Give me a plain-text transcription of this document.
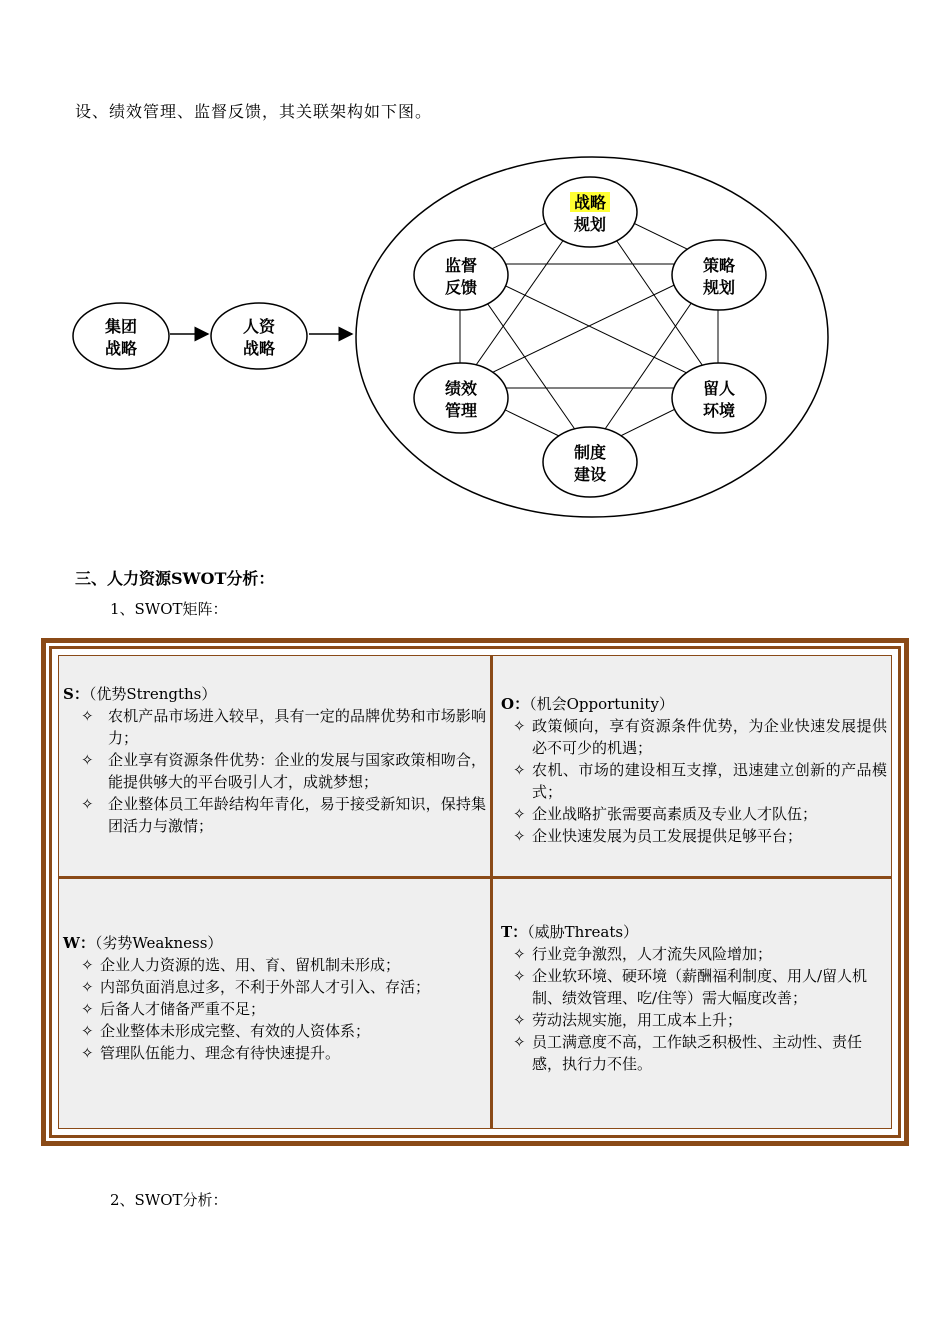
设、绩效管理、监督反馈，其关联架构如下图。
战略
规划
策略
规划
留人
环境
制度
建设
绩效
管理
监督
反馈
集团
战略
人资
战略
三、人力资源SWOT分析：
1、SWOT矩阵：
S：（优势Strengths）
✧ 农机产品市场进入较早，具有一定的品牌优势和市场影响力；
✧ 企业享有资源条件优势：企业的发展与国家政策相吻合，能提供够大的平台吸引人才，成就梦想；
✧ 企业整体员工年龄结构年青化，易于接受新知识，保持集团活力与激情；
O：（机会Opportunity）
✧ 政策倾向，享有资源条件优势，为企业快速发展提供必不可少的机遇；
✧ 农机、市场的建设相互支撑，迅速建立创新的产品模式；
✧ 企业战略扩张需要高素质及专业人才队伍；
✧ 企业快速发展为员工发展提供足够平台；
W：（劣势Weakness）
✧ 企业人力资源的选、用、育、留机制未形成；
✧ 内部负面消息过多，不利于外部人才引入、存活；
✧ 后备人才储备严重不足；
✧ 企业整体未形成完整、有效的人资体系；
✧ 管理队伍能力、理念有待快速提升。
T：（威胁Threats）
✧ 行业竞争激烈，人才流失风险增加；
✧ 企业软环境、硬环境（薪酬福利制度、用人/留人机制、绩效管理、吃/住等）需大幅度改善；
✧ 劳动法规实施，用工成本上升；
✧ 员工满意度不高，工作缺乏积极性、主动性、责任感，执行力不佳。
2、SWOT分析：
